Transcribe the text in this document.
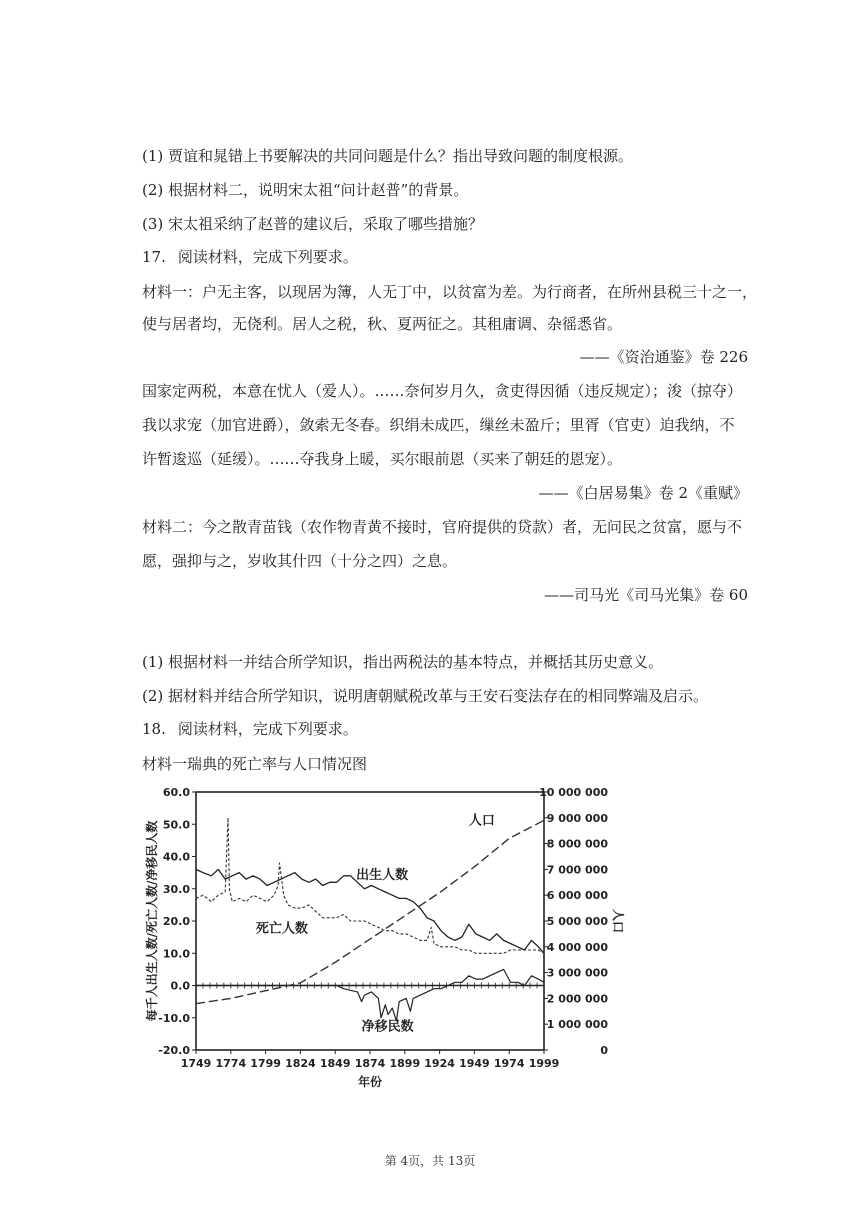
(1) 贾谊和晁错上书要解决的共同问题是什么？指出导致问题的制度根源。
(2) 根据材料二，说明宋太祖“问计赵普”的背景。
(3) 宋太祖采纳了赵普的建议后，采取了哪些措施？
17. 阅读材料，完成下列要求。
材料一：户无主客，以现居为簿，人无丁中，以贫富为差。为行商者，在所州县税三十之一，
使与居者均，无侥利。居人之税，秋、夏两征之。其租庸调、杂徭悉省。
——《资治通鉴》卷 226
国家定两税，本意在忧人（爱人）。……奈何岁月久，贪吏得因循（违反规定）；浚（掠夺）
我以求宠（加官进爵），敛索无冬春。织绢未成匹，缫丝未盈斤；里胥（官吏）迫我纳，不
许暂逡巡（延缓）。……夺我身上暖，买尔眼前恩（买来了朝廷的恩宠）。
——《白居易集》卷 2《重赋》
材料二：今之散青苗钱（农作物青黄不接时，官府提供的贷款）者，无问民之贫富，愿与不
愿，强抑与之，岁收其什四（十分之四）之息。
——司马光《司马光集》卷 60
(1) 根据材料一并结合所学知识，指出两税法的基本特点，并概括其历史意义。
(2) 据材料并结合所学知识，说明唐朝赋税改革与王安石变法存在的相同弊端及启示。
18. 阅读材料，完成下列要求。
材料一瑞典的死亡率与人口情况图
60.0
50.0
40.0
30.0
20.0
10.0
0.0
-10.0
-20.0
10 000 000
9 000 000
8 000 000
7 000 000
6 000 000
5 000 000
4 000 000
3 000 000
2 000 000
1 000 000
0
1749 1774 1799 1824 1849 1874 1899 1924 1949 1974 1999
每千人出生人数/死亡人数/净移民人数	人口
年份
人口
出生人数
死亡人数
净移民数
第 4页，共 13页
